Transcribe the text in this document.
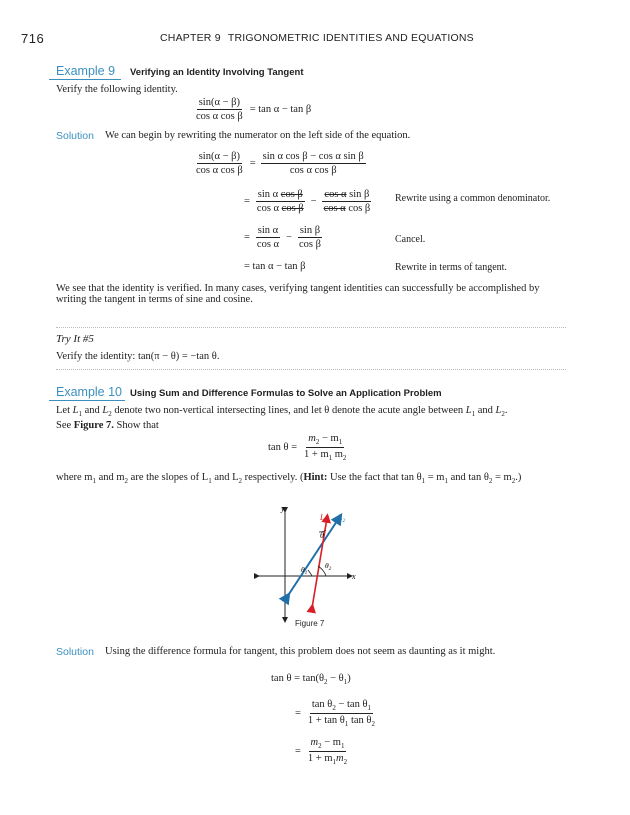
716	CHAPTER 9 TRIGONOMETRIC IDENTITIES AND EQUATIONS
Example 9 Verifying an Identity Involving Tangent
Verify the following identity.
$\frac{\sin(\alpha - \beta)}{\text{cos α cos β}} = \tan \alpha - \tan \beta$
Solution We can begin by rewriting the numerator on the left side of the equation.
$\frac{\sin(\alpha - \beta)}{\text{cos α cos β}} = \frac{\text{sin α cos β − cos α sin β}}{\text{cos α cos β}}$
= $\frac{\text{sin α cos β}}{\text{cos α cos β}} - \frac{\text{cos α sin β}}{\text{cos α cos β}}$ Rewrite using a common denominator.
= $\frac{\text{sin α}}{\text{cos α}} - \frac{\text{sin β}}{\text{cos β}}$	Cancel.
= tan α − tan β	Rewrite in terms of tangent.
We see that the identity is verified. In many cases, verifying tangent identities can successfully be accomplished by
writing the tangent in terms of sine and cosine.
Try It #5
Verify the identity: tan(π − θ) = −tan θ.
Example 10 Using Sum and Difference Formulas to Solve an Application Problem
Let $L_1$ and $L_2$ denote two non-vertical intersecting lines, and let θ denote the acute angle between $L_1$ and $L_2$.
See Figure 7. Show that
$\tan \theta = \frac{m_2 - m_1}{1 + m_1 m_2}$
where $m_1$ and $m_2$ are the slopes of $L_1$ and $L_2$ respectively. (Hint: Use the fact that $\tan \theta_1 = m_1$ and $\tan \theta_2 = m_2$.)
y
x
$L_1$ $L_2$
θ
$\theta_1$
$\theta_2$
Figure 7
Solution Using the difference formula for tangent, this problem does not seem as daunting as it might.
$\tan \theta = \tan(\theta_2 - \theta_1)$
= $\frac{\tan \theta_2 - \tan \theta_1}{1 + \tan \theta_1 \tan \theta_2}$
= $\frac{m_2 - m_1}{1 + m_1m_2}$
